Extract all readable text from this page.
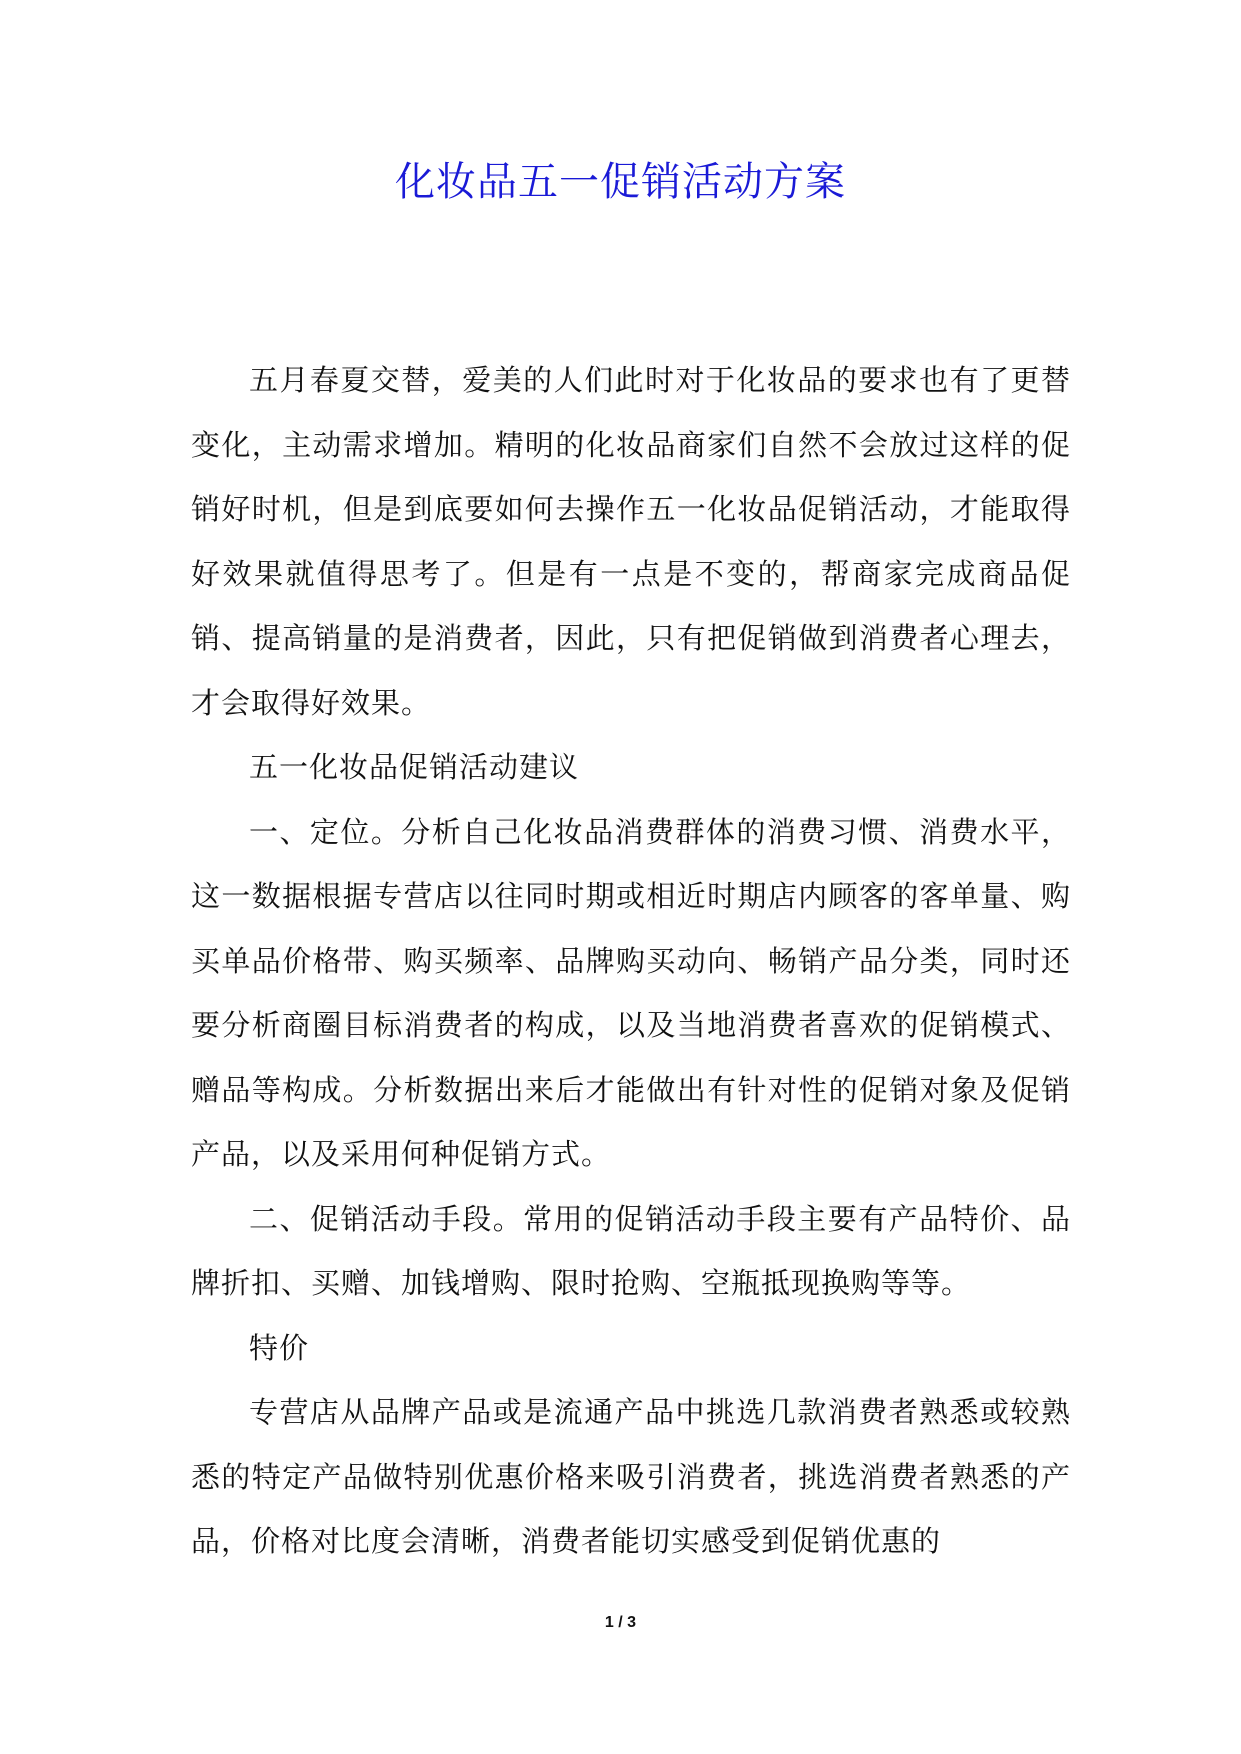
化妆品五一促销活动方案

五月春夏交替，爱美的人们此时对于化妆品的要求也有了更替变化，主动需求增加。精明的化妆品商家们自然不会放过这样的促销好时机，但是到底要如何去操作五一化妆品促销活动，才能取得好效果就值得思考了。但是有一点是不变的，帮商家完成商品促销、提高销量的是消费者，因此，只有把促销做到消费者心理去，才会取得好效果。

五一化妆品促销活动建议

一、定位。分析自己化妆品消费群体的消费习惯、消费水平，这一数据根据专营店以往同时期或相近时期店内顾客的客单量、购买单品价格带、购买频率、品牌购买动向、畅销产品分类，同时还要分析商圈目标消费者的构成，以及当地消费者喜欢的促销模式、赠品等构成。分析数据出来后才能做出有针对性的促销对象及促销产品，以及采用何种促销方式。

二、促销活动手段。常用的促销活动手段主要有产品特价、品牌折扣、买赠、加钱增购、限时抢购、空瓶抵现换购等等。

特价

专营店从品牌产品或是流通产品中挑选几款消费者熟悉或较熟悉的特定产品做特别优惠价格来吸引消费者，挑选消费者熟悉的产品，价格对比度会清晰，消费者能切实感受到促销优惠的

1 / 3
